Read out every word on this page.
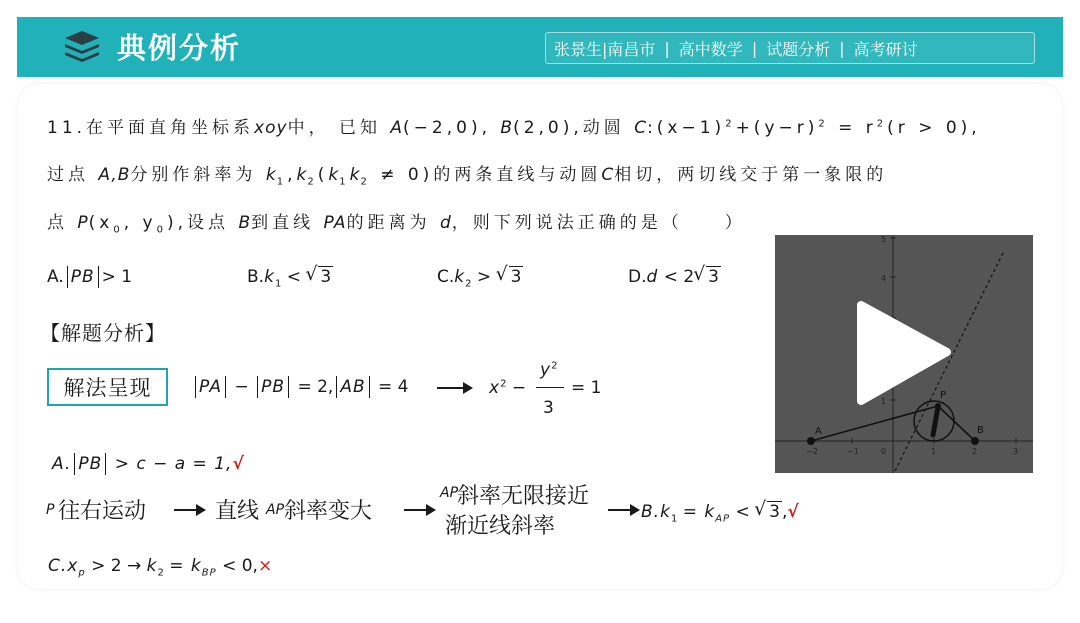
典例分析	张景生|南昌市 | 高中数学 | 试题分析 | 高考研讨
11.在平面直角坐标系xoy中， 已知 A(−2,0), B(2,0),动圆 $C:(x-1)^2+(y-r)^2 = r^2(r > 0)$,
过点 A,B分别作斜率为 $k_1,k_2(k_1k_2 \ne 0)$的两条直线与动圆C相切，两切线交于第一象限的
点 $P(x_0$, $y_0$),设点 B到直线 PA的距离为 d，则下列说法正确的是（　　）
A. PB > 1	$B.k_1$ < √ 3	$C.k_2$ > √ 3	D.d < 2 √ 3
【解题分析】
解法呈现	PA − PB = 2, AB = 4	$x^2$ −
$y^2$
3
= 1
A. PB > c − a = 1,√
P 往右运动	直线 AP 斜率变大
AP
斜率无限接近
渐近线斜率
$B.k_1 = k_{AP}$ < √ 3 ,√
$C.x_p > 2 \to k_2 = k_{BP} < 0,\times$
−2	−1	0	1	2	3
5
4
1
A	B
P
